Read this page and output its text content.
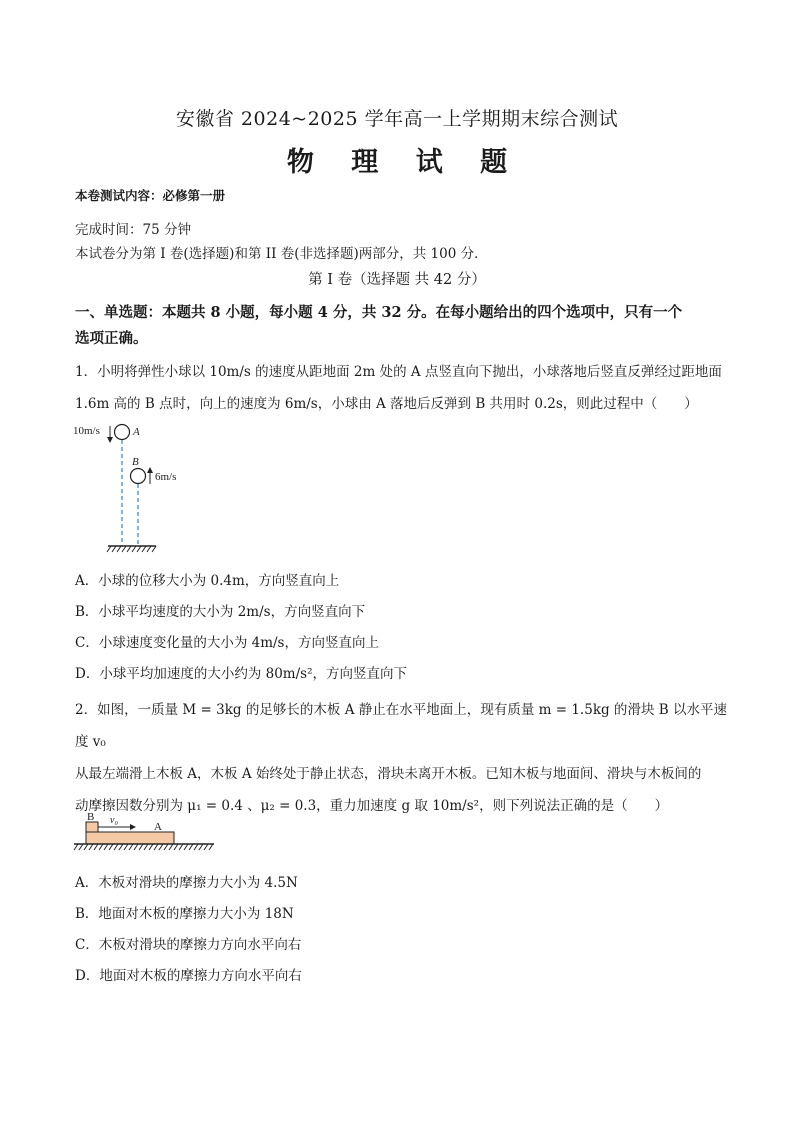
安徽省 2024~2025 学年高一上学期期末综合测试
物 理 试 题
本卷测试内容：必修第一册
完成时间：75 分钟
本试卷分为第 I 卷(选择题)和第 II 卷(非选择题)两部分，共 100 分．
第 I 卷（选择题 共 42 分）
一、单选题：本题共 8 小题，每小题 4 分，共 32 分。在每小题给出的四个选项中，只有一个
选项正确。
1．小明将弹性小球以 10m/s 的速度从距地面 2m 处的 A 点竖直向下抛出，小球落地后竖直反弹经过距地面
1.6m 高的 B 点时，向上的速度为 6m/s，小球由 A 落地后反弹到 B 共用时 0.2s，则此过程中（　　）
10m/s	A
B
6m/s
A．小球的位移大小为 0.4m，方向竖直向上
B．小球平均速度的大小为 2m/s，方向竖直向下
C．小球速度变化量的大小为 4m/s，方向竖直向上
D．小球平均加速度的大小约为 80m/s²，方向竖直向下
2．如图，一质量 M = 3kg 的足够长的木板 A 静止在水平地面上，现有质量 m = 1.5kg 的滑块 B 以水平速度 v₀
从最左端滑上木板 A，木板 A 始终处于静止状态，滑块未离开木板。已知木板与地面间、滑块与木板间的
动摩擦因数分别为 μ₁ = 0.4 、μ₂ = 0.3，重力加速度 g 取 10m/s²，则下列说法正确的是（　　）
B v₀
A
A．木板对滑块的摩擦力大小为 4.5N
B．地面对木板的摩擦力大小为 18N
C．木板对滑块的摩擦力方向水平向右
D．地面对木板的摩擦力方向水平向右
